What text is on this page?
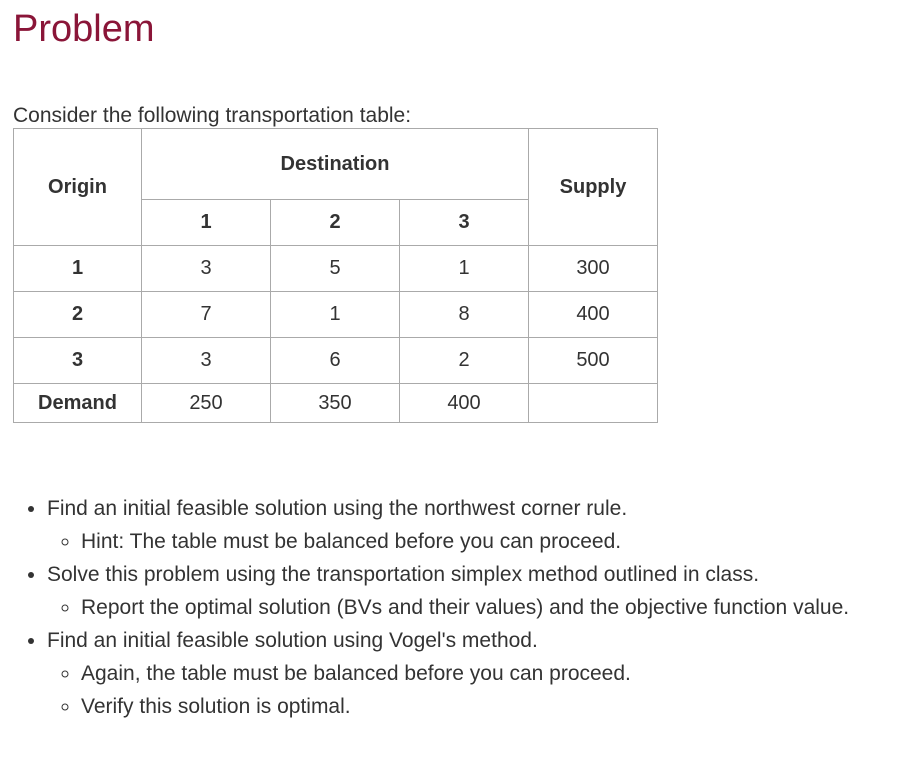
Problem

Consider the following transportation table:

Origin	Destination			Supply
	1	2	3	
1	3	5	1	300
2	7	1	8	400
3	3	6	2	500
Demand	250	350	400	
• Find an initial feasible solution using the northwest corner rule.
◦ Hint: The table must be balanced before you can proceed.
• Solve this problem using the transportation simplex method outlined in class.
◦ Report the optimal solution (BVs and their values) and the objective function value.
• Find an initial feasible solution using Vogel's method.
◦ Again, the table must be balanced before you can proceed.
◦ Verify this solution is optimal.
